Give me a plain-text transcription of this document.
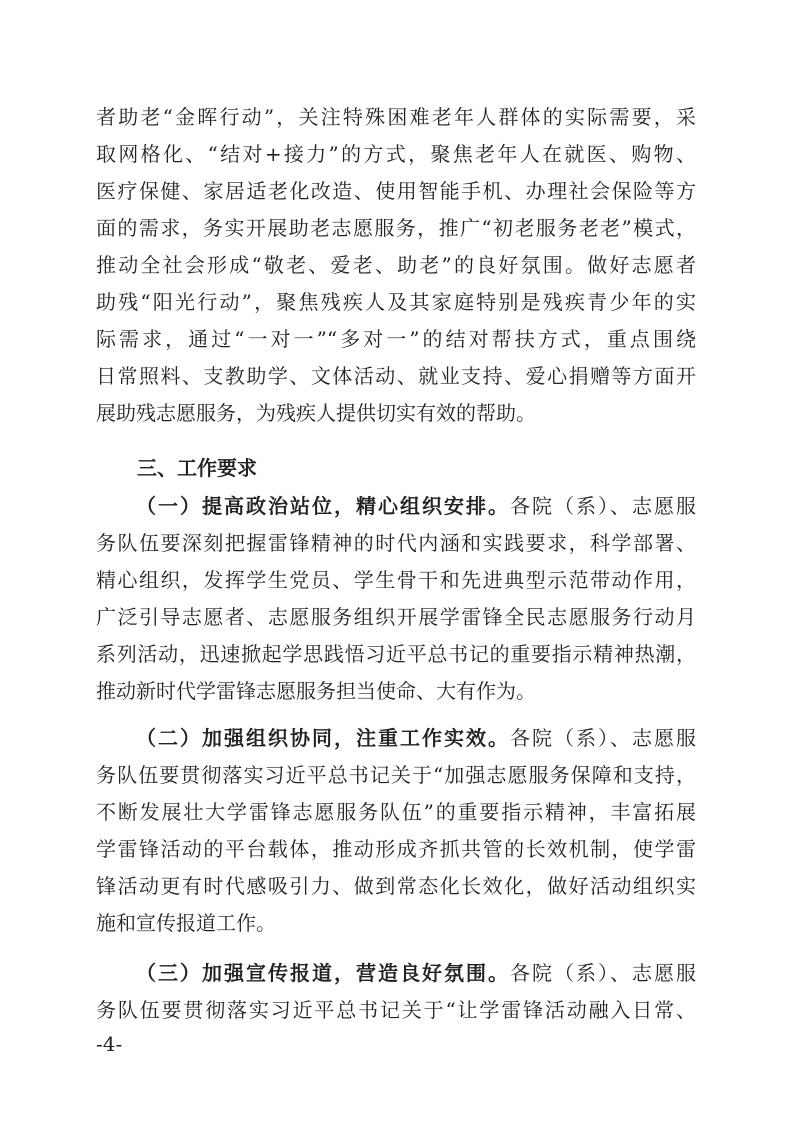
者助老“金晖行动”，关注特殊困难老年人群体的实际需要，采
取网格化、“结对+接力”的方式，聚焦老年人在就医、购物、
医疗保健、家居适老化改造、使用智能手机、办理社会保险等方
面的需求，务实开展助老志愿服务，推广“初老服务老老”模式，
推动全社会形成“敬老、爱老、助老”的良好氛围。做好志愿者
助残“阳光行动”，聚焦残疾人及其家庭特别是残疾青少年的实
际需求，通过“一对一”“多对一”的结对帮扶方式，重点围绕
日常照料、支教助学、文体活动、就业支持、爱心捐赠等方面开
展助残志愿服务，为残疾人提供切实有效的帮助。
三、工作要求
（一）提高政治站位，精心组织安排。各院（系）、志愿服
务队伍要深刻把握雷锋精神的时代内涵和实践要求，科学部署、
精心组织，发挥学生党员、学生骨干和先进典型示范带动作用，
广泛引导志愿者、志愿服务组织开展学雷锋全民志愿服务行动月
系列活动，迅速掀起学思践悟习近平总书记的重要指示精神热潮，
推动新时代学雷锋志愿服务担当使命、大有作为。
（二）加强组织协同，注重工作实效。各院（系）、志愿服
务队伍要贯彻落实习近平总书记关于“加强志愿服务保障和支持，
不断发展壮大学雷锋志愿服务队伍”的重要指示精神，丰富拓展
学雷锋活动的平台载体，推动形成齐抓共管的长效机制，使学雷
锋活动更有时代感吸引力、做到常态化长效化，做好活动组织实
施和宣传报道工作。
（三）加强宣传报道，营造良好氛围。各院（系）、志愿服
务队伍要贯彻落实习近平总书记关于“让学雷锋活动融入日常、
-4-
